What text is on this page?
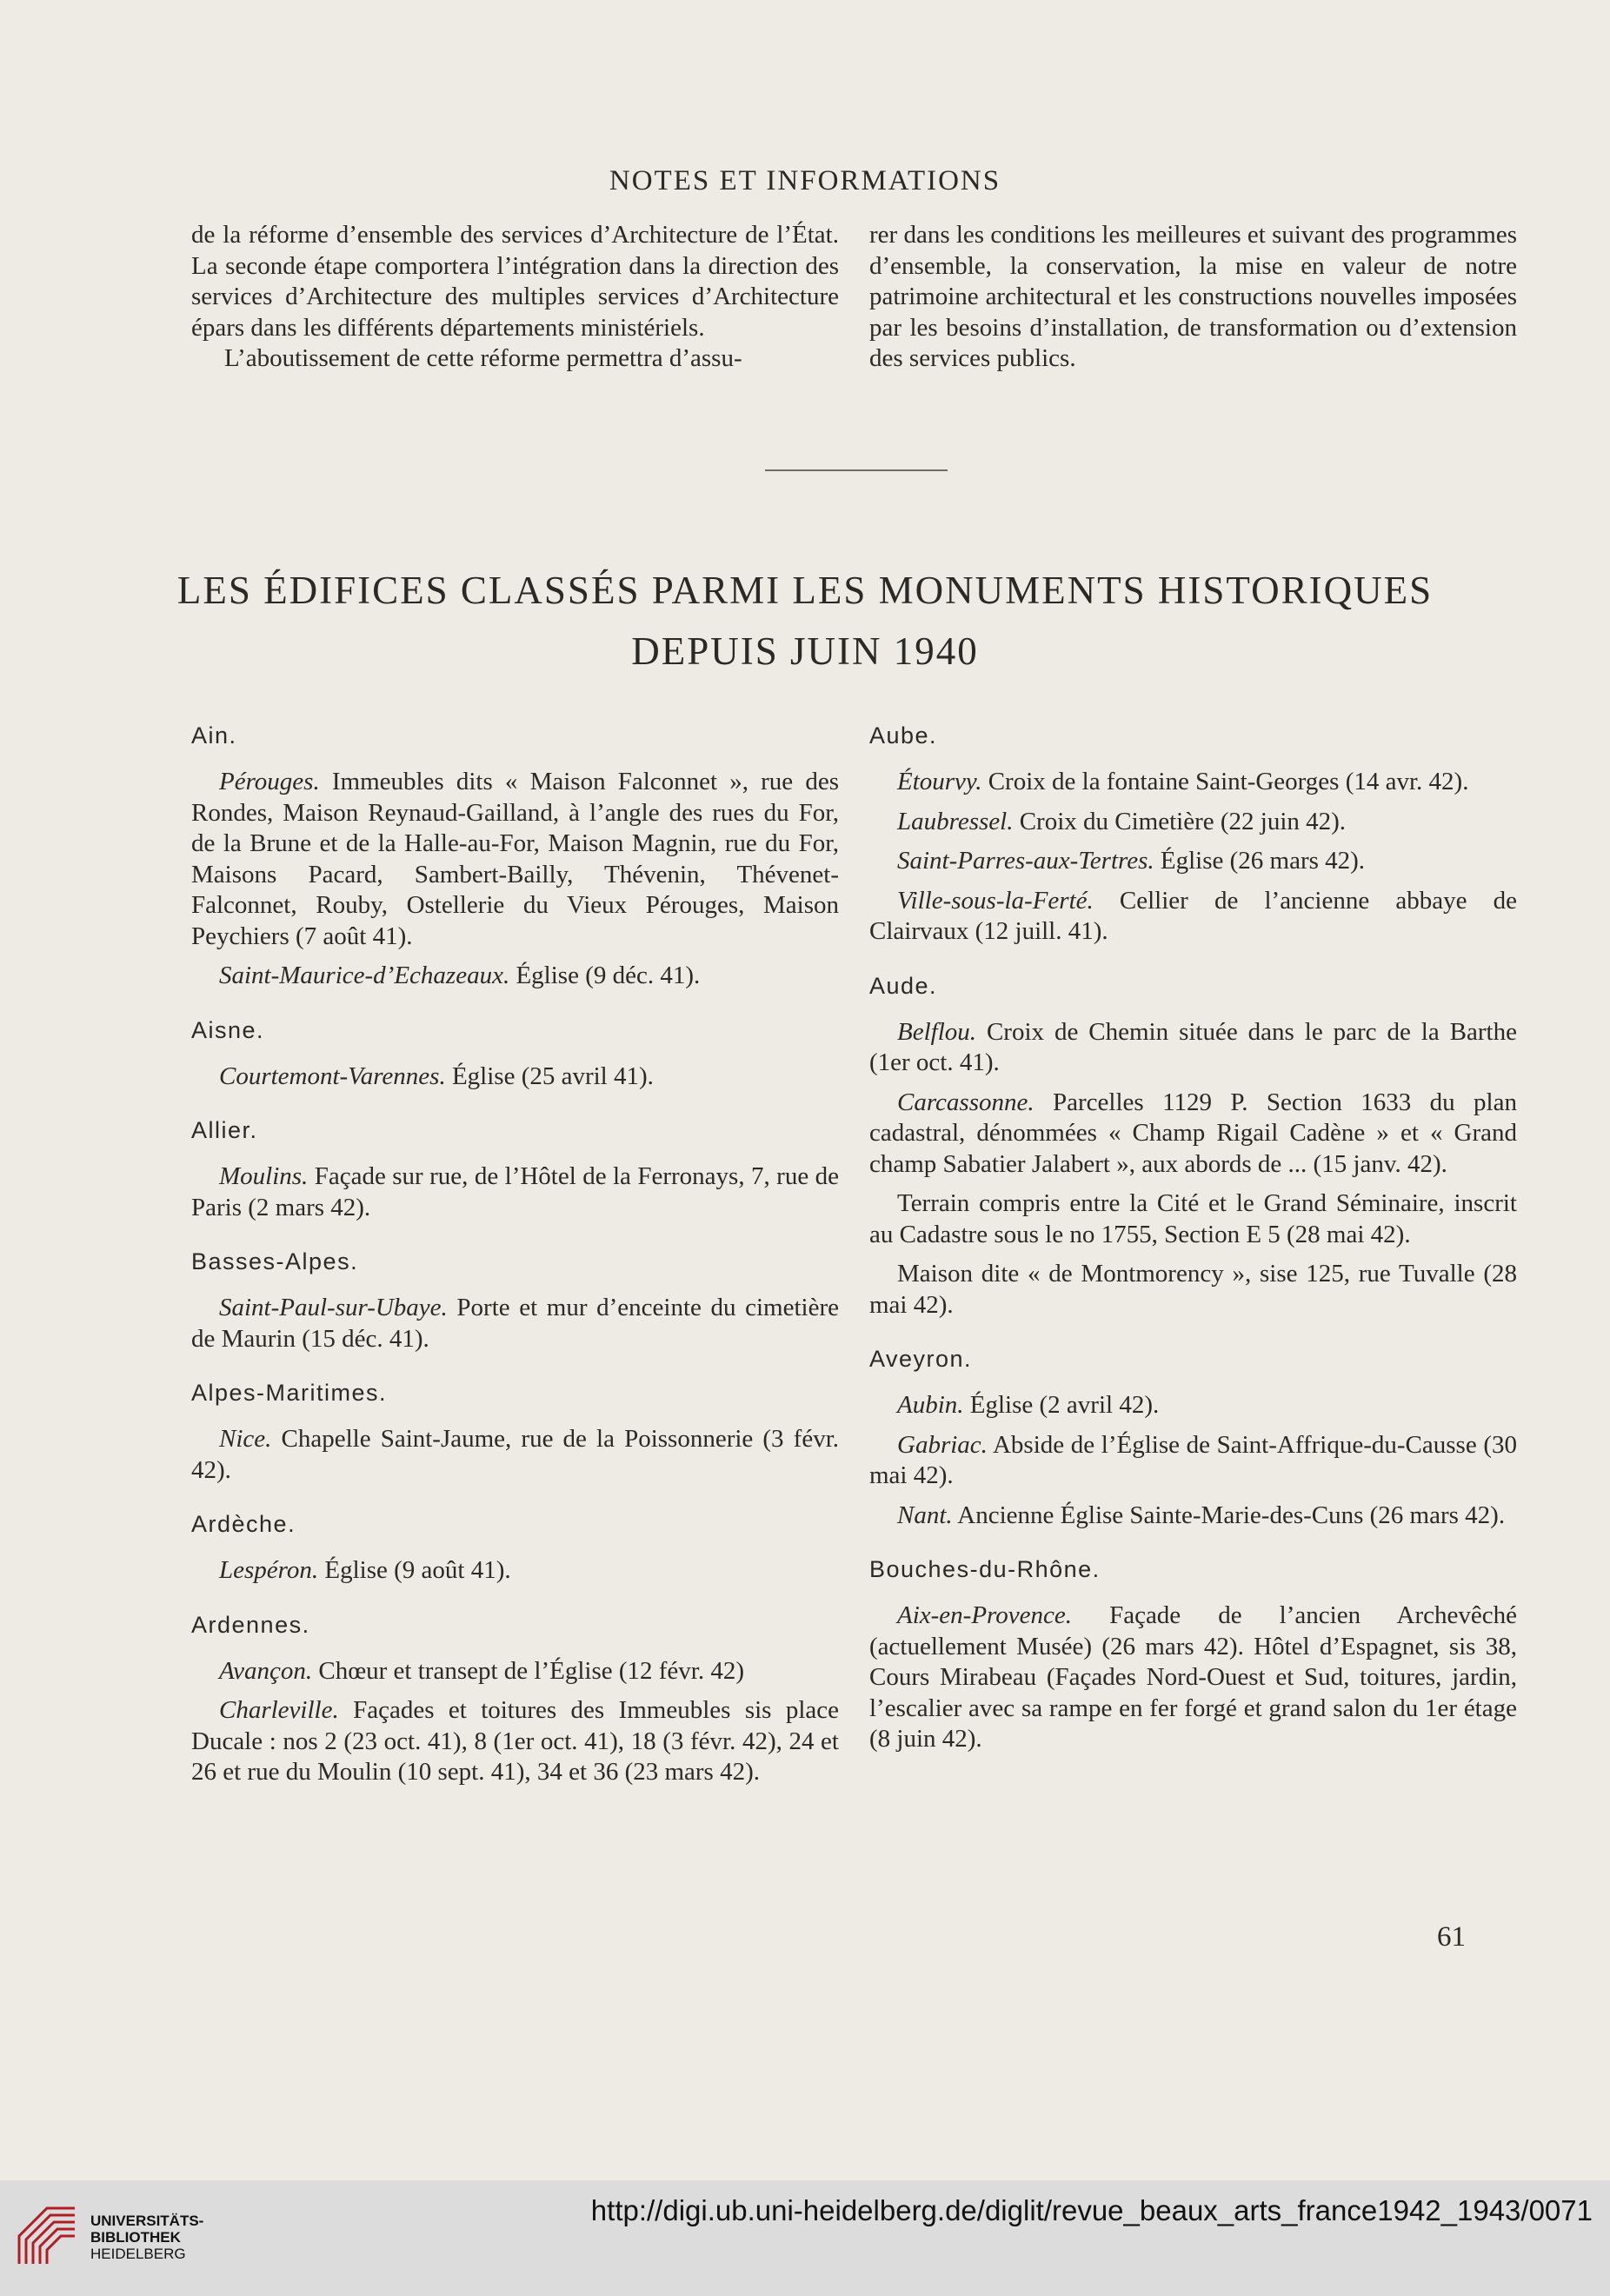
NOTES ET INFORMATIONS

de la réforme d’ensemble des services d’Architecture de l’État. La seconde étape comportera l’intégration dans la direction des services d’Architecture des multiples services d’Architecture épars dans les différents départements ministériels.

L’aboutissement de cette réforme permettra d’assu-

rer dans les conditions les meilleures et suivant des programmes d’ensemble, la conservation, la mise en valeur de notre patrimoine architectural et les constructions nouvelles imposées par les besoins d’installation, de transformation ou d’extension des services publics.

LES ÉDIFICES CLASSÉS PARMI LES MONUMENTS HISTORIQUES
DEPUIS JUIN 1940
Ain.

Pérouges. Immeubles dits « Maison Falconnet », rue des Rondes, Maison Reynaud-Gailland, à l’angle des rues du For, de la Brune et de la Halle-au-For, Maison Magnin, rue du For, Maisons Pacard, Sambert-Bailly, Thévenin, Thévenet-Falconnet, Rouby, Ostellerie du Vieux Pérouges, Maison Peychiers (7 août 41).

Saint-Maurice-d’Echazeaux. Église (9 déc. 41).

Aisne.

Courtemont-Varennes. Église (25 avril 41).

Allier.

Moulins. Façade sur rue, de l’Hôtel de la Ferronays, 7, rue de Paris (2 mars 42).

Basses-Alpes.

Saint-Paul-sur-Ubaye. Porte et mur d’enceinte du cimetière de Maurin (15 déc. 41).

Alpes-Maritimes.

Nice. Chapelle Saint-Jaume, rue de la Poissonnerie (3 févr. 42).

Ardèche.

Lespéron. Église (9 août 41).

Ardennes.

Avançon. Chœur et transept de l’Église (12 févr. 42)

Charleville. Façades et toitures des Immeubles sis place Ducale : nos 2 (23 oct. 41), 8 (1er oct. 41), 18 (3 févr. 42), 24 et 26 et rue du Moulin (10 sept. 41), 34 et 36 (23 mars 42).

Aube.

Étourvy. Croix de la fontaine Saint-Georges (14 avr. 42).

Laubressel. Croix du Cimetière (22 juin 42).

Saint-Parres-aux-Tertres. Église (26 mars 42).

Ville-sous-la-Ferté. Cellier de l’ancienne abbaye de Clairvaux (12 juill. 41).

Aude.

Belflou. Croix de Chemin située dans le parc de la Barthe (1er oct. 41).

Carcassonne. Parcelles 1129 P. Section 1633 du plan cadastral, dénommées « Champ Rigail Cadène » et « Grand champ Sabatier Jalabert », aux abords de ... (15 janv. 42).

Terrain compris entre la Cité et le Grand Séminaire, inscrit au Cadastre sous le no 1755, Section E 5 (28 mai 42).

Maison dite « de Montmorency », sise 125, rue Tuvalle (28 mai 42).

Aveyron.

Aubin. Église (2 avril 42).

Gabriac. Abside de l’Église de Saint-Affrique-du-Causse (30 mai 42).

Nant. Ancienne Église Sainte-Marie-des-Cuns (26 mars 42).

Bouches-du-Rhône.

Aix-en-Provence. Façade de l’ancien Archevêché (actuellement Musée) (26 mars 42). Hôtel d’Espagnet, sis 38, Cours Mirabeau (Façades Nord-Ouest et Sud, toitures, jardin, l’escalier avec sa rampe en fer forgé et grand salon du 1er étage (8 juin 42).

61
UNIVERSITÄTS-
BIBLIOTHEK
HEIDELBERG
http://digi.ub.uni-heidelberg.de/diglit/revue_beaux_arts_france1942_1943/0071
